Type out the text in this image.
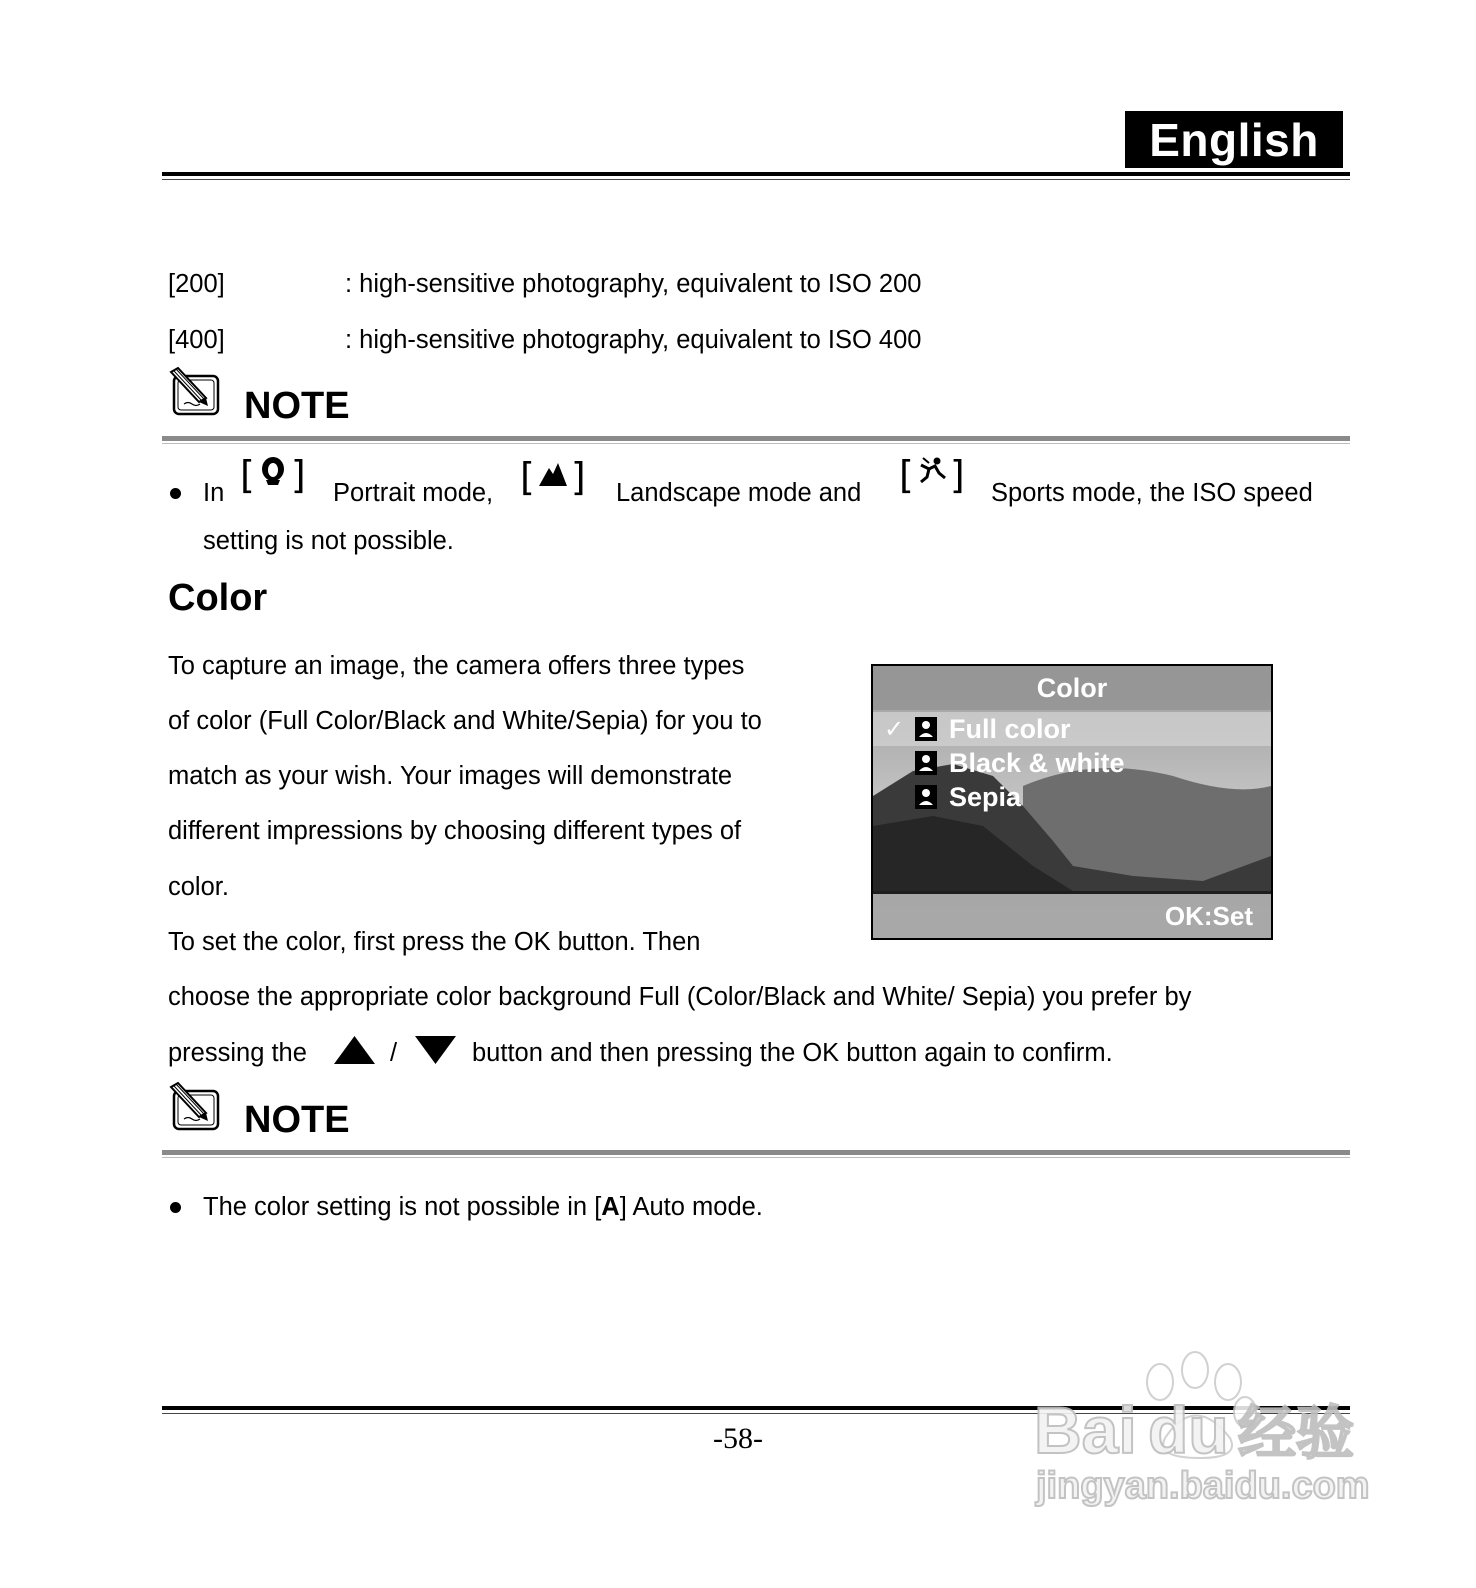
English
[200]	: high-sensitive photography, equivalent to ISO 200
[400]	: high-sensitive photography, equivalent to ISO 400
NOTE
In [ ] Portrait mode, [ ] Landscape mode and [ ] Sports mode, the ISO speed
setting is not possible.
Color
To capture an image, the camera offers three types
of color (Full Color/Black and White/Sepia) for you to
match as your wish. Your images will demonstrate
different impressions by choosing different types of
color.
To set the color, first press the OK button. Then
choose the appropriate color background Full (Color/Black and White/ Sepia) you prefer by
pressing the	/	button and then pressing the OK button again to confirm.
Color
✓	Full color
Black & white
Sepia
OK:Set
NOTE
The color setting is not possible in [A] Auto mode.
-58-	Bai du 经验
jingyan.baidu.com
